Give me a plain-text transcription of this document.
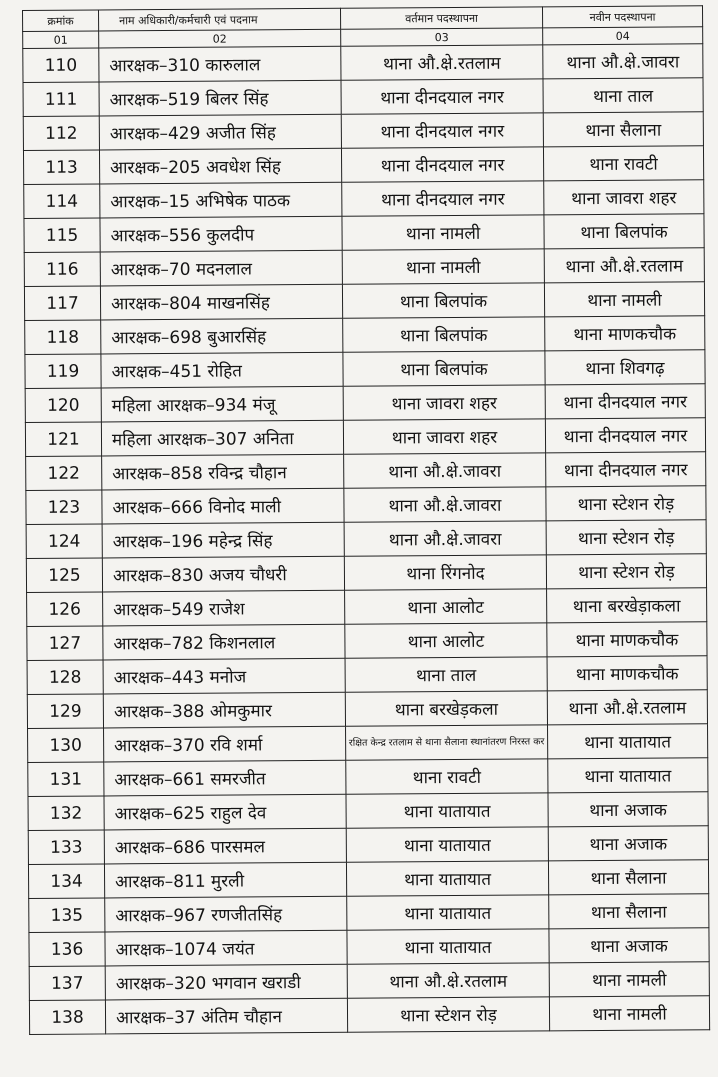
क्रमांक	नाम अधिकारी/कर्मचारी एवं पदनाम	वर्तमान पदस्थापना	नवीन पदस्थापना
01	02	03	04
110	आरक्षक–310 कारुलाल	थाना औ.क्षे.रतलाम	थाना औ.क्षे.जावरा
111	आरक्षक–519 बिलर सिंह	थाना दीनदयाल नगर	थाना ताल
112	आरक्षक–429 अजीत सिंह	थाना दीनदयाल नगर	थाना सैलाना
113	आरक्षक–205 अवधेश सिंह	थाना दीनदयाल नगर	थाना रावटी
114	आरक्षक–15 अभिषेक पाठक	थाना दीनदयाल नगर	थाना जावरा शहर
115	आरक्षक–556 कुलदीप	थाना नामली	थाना बिलपांक
116	आरक्षक–70 मदनलाल	थाना नामली	थाना औ.क्षे.रतलाम
117	आरक्षक–804 माखनसिंह	थाना बिलपांक	थाना नामली
118	आरक्षक–698 बुआरसिंह	थाना बिलपांक	थाना माणकचौक
119	आरक्षक–451 रोहित	थाना बिलपांक	थाना शिवगढ़
120	महिला आरक्षक–934 मंजू	थाना जावरा शहर	थाना दीनदयाल नगर
121	महिला आरक्षक–307 अनिता	थाना जावरा शहर	थाना दीनदयाल नगर
122	आरक्षक–858 रविन्द्र चौहान	थाना औ.क्षे.जावरा	थाना दीनदयाल नगर
123	आरक्षक–666 विनोद माली	थाना औ.क्षे.जावरा	थाना स्टेशन रोड़
124	आरक्षक–196 महेन्द्र सिंह	थाना औ.क्षे.जावरा	थाना स्टेशन रोड़
125	आरक्षक–830 अजय चौधरी	थाना रिंगनोद	थाना स्टेशन रोड़
126	आरक्षक–549 राजेश	थाना आलोट	थाना बरखेड़ाकला
127	आरक्षक–782 किशनलाल	थाना आलोट	थाना माणकचौक
128	आरक्षक–443 मनोज	थाना ताल	थाना माणकचौक
129	आरक्षक–388 ओमकुमार	थाना बरखेड़कला	थाना औ.क्षे.रतलाम
130	आरक्षक–370 रवि शर्मा	रक्षित केन्द्र रतलाम से थाना सैलाना स्थानांतरण निरस्त कर	थाना यातायात
131	आरक्षक–661 समरजीत	थाना रावटी	थाना यातायात
132	आरक्षक–625 राहुल देव	थाना यातायात	थाना अजाक
133	आरक्षक–686 पारसमल	थाना यातायात	थाना अजाक
134	आरक्षक–811 मुरली	थाना यातायात	थाना सैलाना
135	आरक्षक–967 रणजीतसिंह	थाना यातायात	थाना सैलाना
136	आरक्षक–1074 जयंत	थाना यातायात	थाना अजाक
137	आरक्षक–320 भगवान खराडी	थाना औ.क्षे.रतलाम	थाना नामली
138	आरक्षक–37 अंतिम चौहान	थाना स्टेशन रोड़	थाना नामली
